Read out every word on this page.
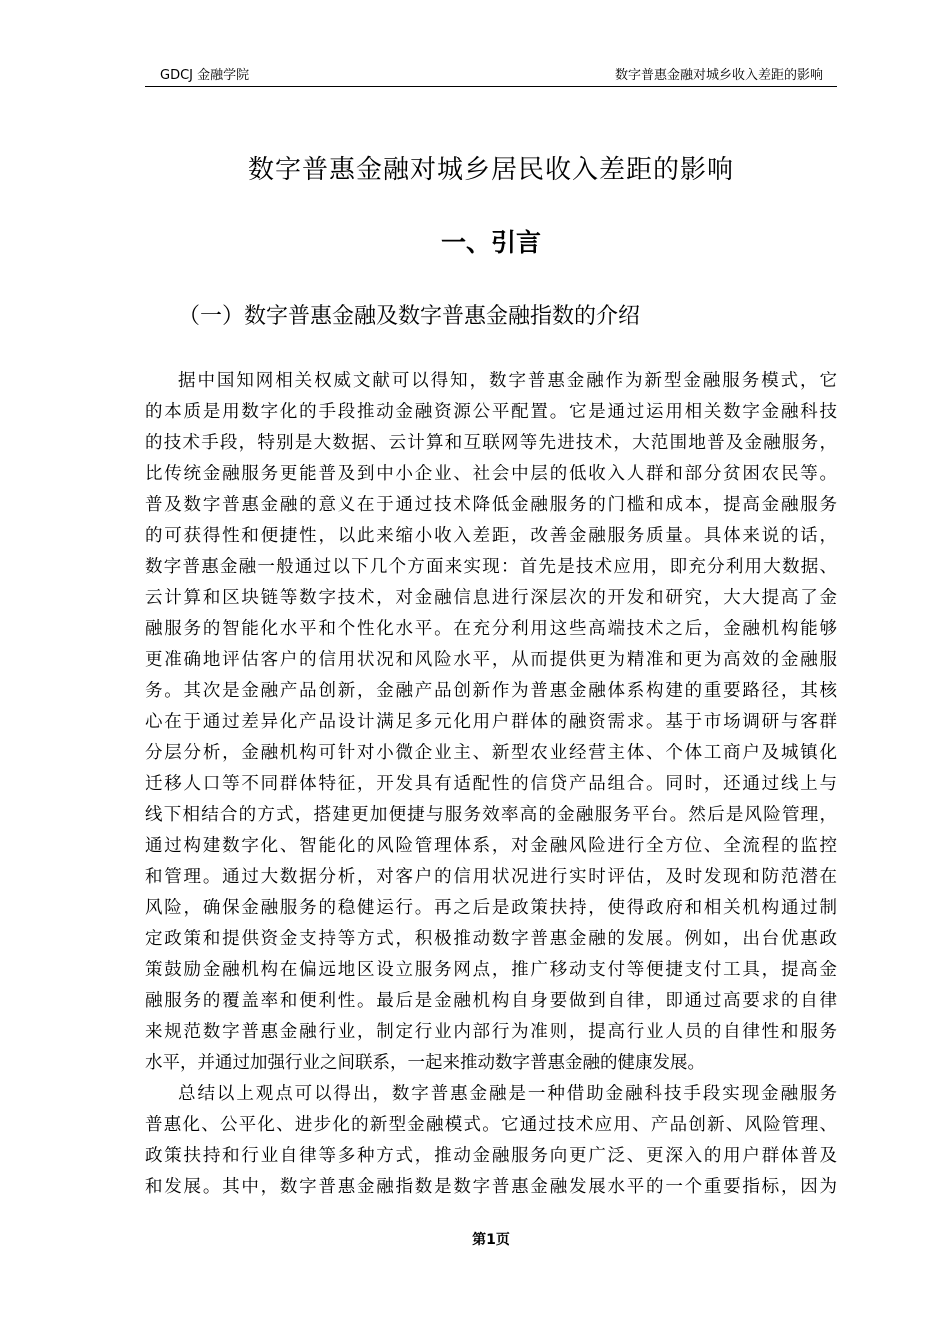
GDCJ 金融学院	数字普惠金融对城乡收入差距的影响
数字普惠金融对城乡居民收入差距的影响
一、引言
（一）数字普惠金融及数字普惠金融指数的介绍
据中国知网相关权威文献可以得知，数字普惠金融作为新型金融服务模式，它
的本质是用数字化的手段推动金融资源公平配置。它是通过运用相关数字金融科技
的技术手段，特别是大数据、云计算和互联网等先进技术，大范围地普及金融服务，
比传统金融服务更能普及到中小企业、社会中层的低收入人群和部分贫困农民等。
普及数字普惠金融的意义在于通过技术降低金融服务的门槛和成本，提高金融服务
的可获得性和便捷性，以此来缩小收入差距，改善金融服务质量。具体来说的话，
数字普惠金融一般通过以下几个方面来实现：首先是技术应用，即充分利用大数据、
云计算和区块链等数字技术，对金融信息进行深层次的开发和研究，大大提高了金
融服务的智能化水平和个性化水平。在充分利用这些高端技术之后，金融机构能够
更准确地评估客户的信用状况和风险水平，从而提供更为精准和更为高效的金融服
务。其次是金融产品创新，金融产品创新作为普惠金融体系构建的重要路径，其核
心在于通过差异化产品设计满足多元化用户群体的融资需求。基于市场调研与客群
分层分析，金融机构可针对小微企业主、新型农业经营主体、个体工商户及城镇化
迁移人口等不同群体特征，开发具有适配性的信贷产品组合。同时，还通过线上与
线下相结合的方式，搭建更加便捷与服务效率高的金融服务平台。然后是风险管理，
通过构建数字化、智能化的风险管理体系，对金融风险进行全方位、全流程的监控
和管理。通过大数据分析，对客户的信用状况进行实时评估，及时发现和防范潜在
风险，确保金融服务的稳健运行。再之后是政策扶持，使得政府和相关机构通过制
定政策和提供资金支持等方式，积极推动数字普惠金融的发展。例如，出台优惠政
策鼓励金融机构在偏远地区设立服务网点，推广移动支付等便捷支付工具，提高金
融服务的覆盖率和便利性。最后是金融机构自身要做到自律，即通过高要求的自律
来规范数字普惠金融行业，制定行业内部行为准则，提高行业人员的自律性和服务
水平，并通过加强行业之间联系，一起来推动数字普惠金融的健康发展。
总结以上观点可以得出，数字普惠金融是一种借助金融科技手段实现金融服务
普惠化、公平化、进步化的新型金融模式。它通过技术应用、产品创新、风险管理、
政策扶持和行业自律等多种方式，推动金融服务向更广泛、更深入的用户群体普及
和发展。其中，数字普惠金融指数是数字普惠金融发展水平的一个重要指标，因为
第1页
